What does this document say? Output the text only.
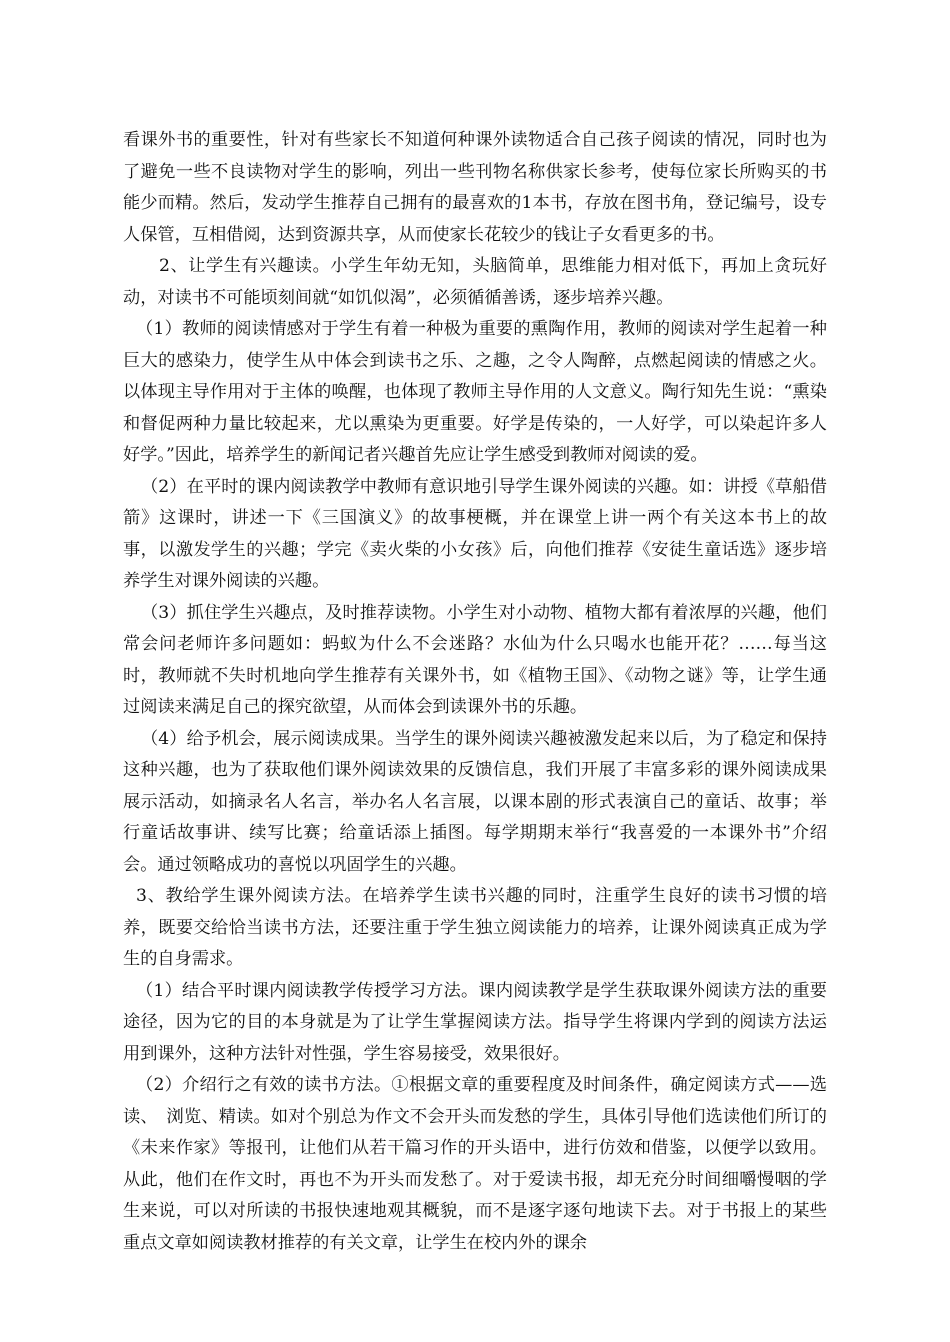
看课外书的重要性，针对有些家长不知道何种课外读物适合自己孩子阅读的情况，同时也为了避免一些不良读物对学生的影响，列出一些刊物名称供家长参考，使每位家长所购买的书能少而精。然后，发动学生推荐自己拥有的最喜欢的1本书，存放在图书角，登记编号，设专人保管，互相借阅，达到资源共享，从而使家长花较少的钱让子女看更多的书。

2、让学生有兴趣读。小学生年幼无知，头脑简单，思维能力相对低下，再加上贪玩好动，对读书不可能顷刻间就“如饥似渴”，必须循循善诱，逐步培养兴趣。

（1）教师的阅读情感对于学生有着一种极为重要的熏陶作用，教师的阅读对学生起着一种巨大的感染力，使学生从中体会到读书之乐、之趣，之令人陶醉，点燃起阅读的情感之火。以体现主导作用对于主体的唤醒，也体现了教师主导作用的人文意义。陶行知先生说：“熏染和督促两种力量比较起来，尤以熏染为更重要。好学是传染的，一人好学，可以染起许多人好学。”因此，培养学生的新闻记者兴趣首先应让学生感受到教师对阅读的爱。

（2）在平时的课内阅读教学中教师有意识地引导学生课外阅读的兴趣。如：讲授《草船借箭》这课时，讲述一下《三国演义》的故事梗概，并在课堂上讲一两个有关这本书上的故事，以激发学生的兴趣；学完《卖火柴的小女孩》后，向他们推荐《安徒生童话选》逐步培养学生对课外阅读的兴趣。

（3）抓住学生兴趣点，及时推荐读物。小学生对小动物、植物大都有着浓厚的兴趣，他们常会问老师许多问题如：蚂蚁为什么不会迷路？水仙为什么只喝水也能开花？……每当这时，教师就不失时机地向学生推荐有关课外书，如《植物王国》、《动物之谜》等，让学生通过阅读来满足自己的探究欲望，从而体会到读课外书的乐趣。

（4）给予机会，展示阅读成果。当学生的课外阅读兴趣被激发起来以后，为了稳定和保持这种兴趣，也为了获取他们课外阅读效果的反馈信息，我们开展了丰富多彩的课外阅读成果展示活动，如摘录名人名言，举办名人名言展，以课本剧的形式表演自己的童话、故事；举行童话故事讲、续写比赛；给童话添上插图。每学期期末举行“我喜爱的一本课外书”介绍会。通过领略成功的喜悦以巩固学生的兴趣。

3、教给学生课外阅读方法。在培养学生读书兴趣的同时，注重学生良好的读书习惯的培养，既要交给恰当读书方法，还要注重于学生独立阅读能力的培养，让课外阅读真正成为学生的自身需求。

（1）结合平时课内阅读教学传授学习方法。课内阅读教学是学生获取课外阅读方法的重要途径，因为它的目的本身就是为了让学生掌握阅读方法。指导学生将课内学到的阅读方法运用到课外，这种方法针对性强，学生容易接受，效果很好。

（2）介绍行之有效的读书方法。①根据文章的重要程度及时间条件，确定阅读方式——选读、　浏览、精读。如对个别总为作文不会开头而发愁的学生，具体引导他们选读他们所订的《未来作家》等报刊，让他们从若干篇习作的开头语中，进行仿效和借鉴，以便学以致用。从此，他们在作文时，再也不为开头而发愁了。对于爱读书报，却无充分时间细嚼慢咽的学生来说，可以对所读的书报快速地观其概貌，而不是逐字逐句地读下去。对于书报上的某些重点文章如阅读教材推荐的有关文章，让学生在校内外的课余
